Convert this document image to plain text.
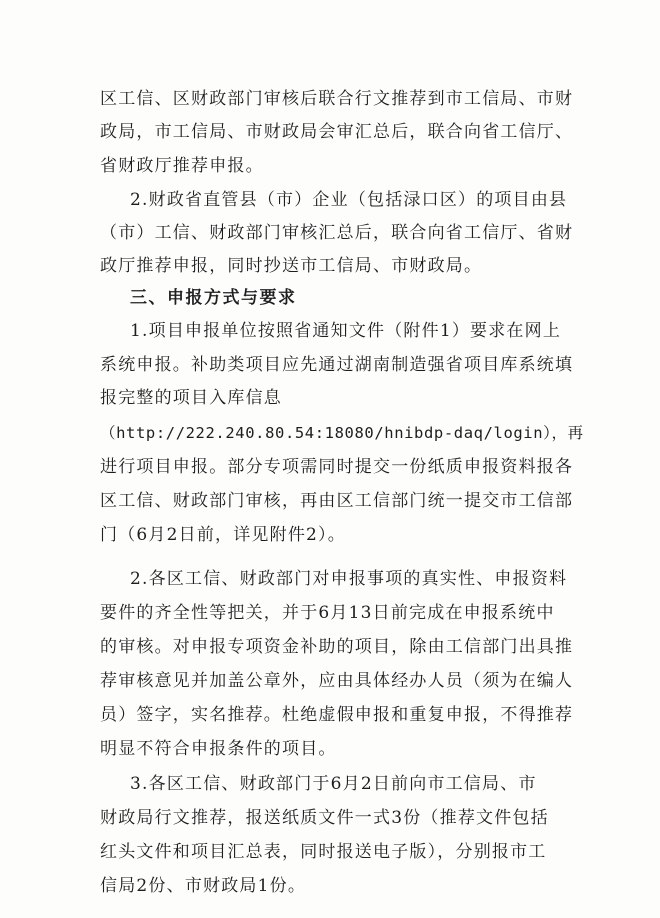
区工信、区财政部门审核后联合行文推荐到市工信局、市财
政局，市工信局、市财政局会审汇总后，联合向省工信厅、
省财政厅推荐申报。
2.财政省直管县（市）企业（包括渌口区）的项目由县
（市）工信、财政部门审核汇总后，联合向省工信厅、省财
政厅推荐申报，同时抄送市工信局、市财政局。
三、申报方式与要求
1.项目申报单位按照省通知文件（附件1）要求在网上
系统申报。补助类项目应先通过湖南制造强省项目库系统填
报完整的项目入库信息
（http://222.240.80.54:18080/hnibdp-daq/login），再
进行项目申报。部分专项需同时提交一份纸质申报资料报各
区工信、财政部门审核，再由区工信部门统一提交市工信部
门（6月2日前，详见附件2）。
2.各区工信、财政部门对申报事项的真实性、申报资料
要件的齐全性等把关，并于6月13日前完成在申报系统中
的审核。对申报专项资金补助的项目，除由工信部门出具推
荐审核意见并加盖公章外，应由具体经办人员（须为在编人
员）签字，实名推荐。杜绝虚假申报和重复申报，不得推荐
明显不符合申报条件的项目。
3.各区工信、财政部门于6月2日前向市工信局、市
财政局行文推荐，报送纸质文件一式3份（推荐文件包括
红头文件和项目汇总表，同时报送电子版），分别报市工
信局2份、市财政局1份。
